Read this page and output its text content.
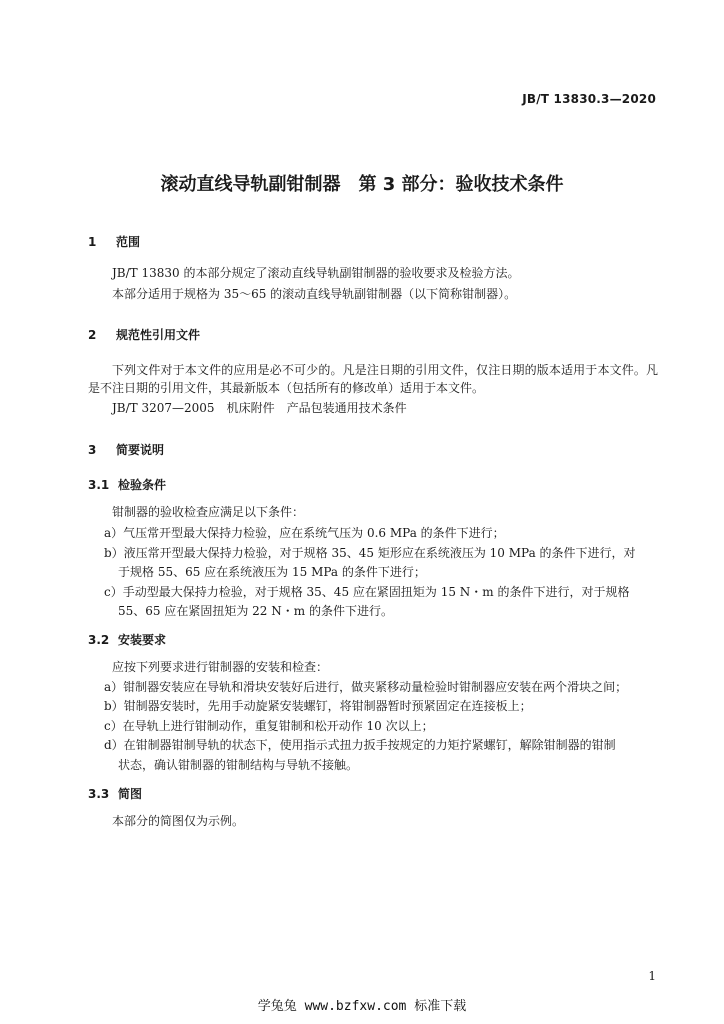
JB/T 13830.3—2020
滚动直线导轨副钳制器　第 3 部分：验收技术条件
1 范围
JB/T 13830 的本部分规定了滚动直线导轨副钳制器的验收要求及检验方法。
本部分适用于规格为 35～65 的滚动直线导轨副钳制器（以下简称钳制器）。
2 规范性引用文件
下列文件对于本文件的应用是必不可少的。凡是注日期的引用文件，仅注日期的版本适用于本文件。凡是不注日期的引用文件，其最新版本（包括所有的修改单）适用于本文件。
JB/T 3207—2005　机床附件　产品包装通用技术条件
3 简要说明
3.1 检验条件
钳制器的验收检查应满足以下条件：
a）气压常开型最大保持力检验，应在系统气压为 0.6 MPa 的条件下进行；
b）液压常开型最大保持力检验，对于规格 35、45 矩形应在系统液压为 10 MPa 的条件下进行，对
于规格 55、65 应在系统液压为 15 MPa 的条件下进行；
c）手动型最大保持力检验，对于规格 35、45 应在紧固扭矩为 15 N・m 的条件下进行，对于规格
55、65 应在紧固扭矩为 22 N・m 的条件下进行。
3.2 安装要求
应按下列要求进行钳制器的安装和检查：
a）钳制器安装应在导轨和滑块安装好后进行，做夹紧移动量检验时钳制器应安装在两个滑块之间；
b）钳制器安装时，先用手动旋紧安装螺钉，将钳制器暂时预紧固定在连接板上；
c）在导轨上进行钳制动作，重复钳制和松开动作 10 次以上；
d）在钳制器钳制导轨的状态下，使用指示式扭力扳手按规定的力矩拧紧螺钉，解除钳制器的钳制
状态，确认钳制器的钳制结构与导轨不接触。
3.3 简图
本部分的简图仅为示例。
1
学兔兔 www.bzfxw.com 标准下载
